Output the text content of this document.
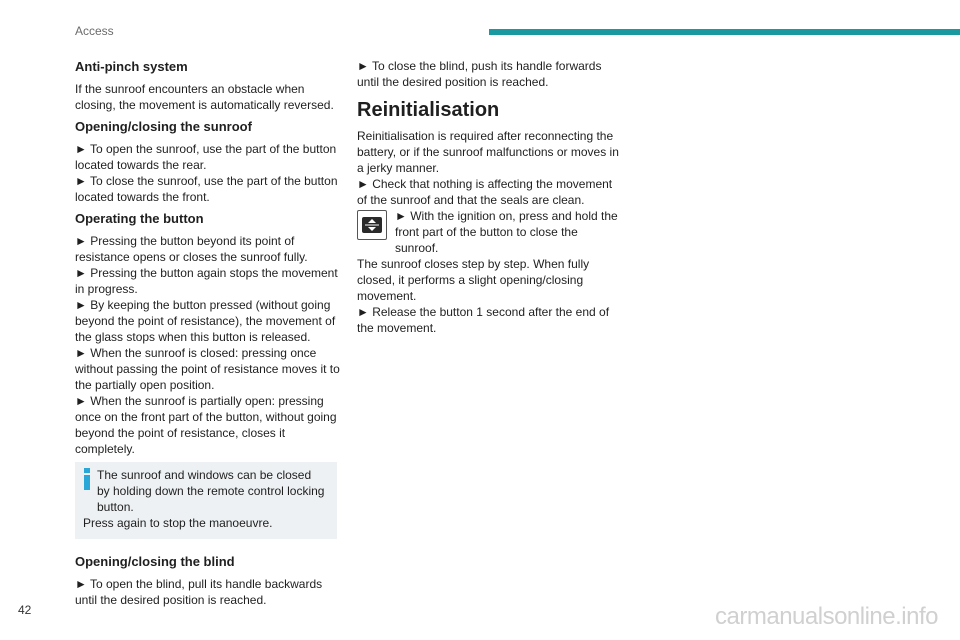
Access
Anti-pinch system

If the sunroof encounters an obstacle when closing, the movement is automatically reversed.

Opening/closing the sunroof

► To open the sunroof, use the part of the button located towards the rear.

► To close the sunroof, use the part of the button located towards the front.

Operating the button

► Pressing the button beyond its point of resistance opens or closes the sunroof fully.

► Pressing the button again stops the movement in progress.

► By keeping the button pressed (without going beyond the point of resistance), the movement of the glass stops when this button is released.

► When the sunroof is closed: pressing once without passing the point of resistance moves it to the partially open position.

► When the sunroof is partially open: pressing once on the front part of the button, without going beyond the point of resistance, closes it completely.

The sunroof and windows can be closed by holding down the remote control locking button.
Press again to stop the manoeuvre.
Opening/closing the blind

► To open the blind, pull its handle backwards until the desired position is reached.

► To close the blind, push its handle forwards until the desired position is reached.

Reinitialisation

Reinitialisation is required after reconnecting the battery, or if the sunroof malfunctions or moves in a jerky manner.

► Check that nothing is affecting the movement of the sunroof and that the seals are clean.

► With the ignition on, press and hold the front part of the button to close the sunroof.

The sunroof closes step by step. When fully closed, it performs a slight opening/closing movement.

► Release the button 1 second after the end of the movement.

42	carmanualsonline.info
